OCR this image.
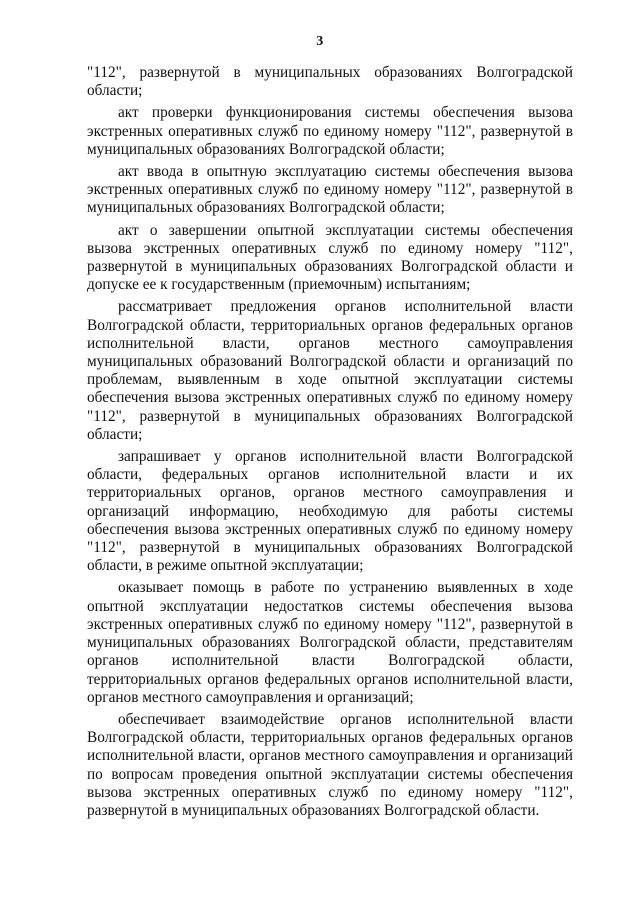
3

"112", развернутой в муниципальных образованиях Волгоградской области;

акт проверки функционирования системы обеспечения вызова экстренных оперативных служб по единому номеру "112", развернутой в муниципальных образованиях Волгоградской области;

акт ввода в опытную эксплуатацию системы обеспечения вызова экстренных оперативных служб по единому номеру "112", развернутой в муниципальных образованиях Волгоградской области;

акт о завершении опытной эксплуатации системы обеспечения вызова экстренных оперативных служб по единому номеру "112", развернутой в муниципальных образованиях Волгоградской области и допуске ее к государственным (приемочным) испытаниям;

рассматривает предложения органов исполнительной власти Волгоградской области, территориальных органов федеральных органов исполнительной власти, органов местного самоуправления муниципальных образований Волгоградской области и организаций по проблемам, выявленным в ходе опытной эксплуатации системы обеспечения вызова экстренных оперативных служб по единому номеру "112", развернутой в муниципальных образованиях Волгоградской области;

запрашивает у органов исполнительной власти Волгоградской области, федеральных органов исполнительной власти и их территориальных органов, органов местного самоуправления и организаций информацию, необходимую для работы системы обеспечения вызова экстренных оперативных служб по единому номеру "112", развернутой в муниципальных образованиях Волгоградской области, в режиме опытной эксплуатации;

оказывает помощь в работе по устранению выявленных в ходе опытной эксплуатации недостатков системы обеспечения вызова экстренных оперативных служб по единому номеру "112", развернутой в муниципальных образованиях Волгоградской области, представителям органов исполнительной власти Волгоградской области, территориальных органов федеральных органов исполнительной власти, органов местного самоуправления и организаций;

обеспечивает взаимодействие органов исполнительной власти Волгоградской области, территориальных органов федеральных органов исполнительной власти, органов местного самоуправления и организаций по вопросам проведения опытной эксплуатации системы обеспечения вызова экстренных оперативных служб по единому номеру "112", развернутой в муниципальных образованиях Волгоградской области.
